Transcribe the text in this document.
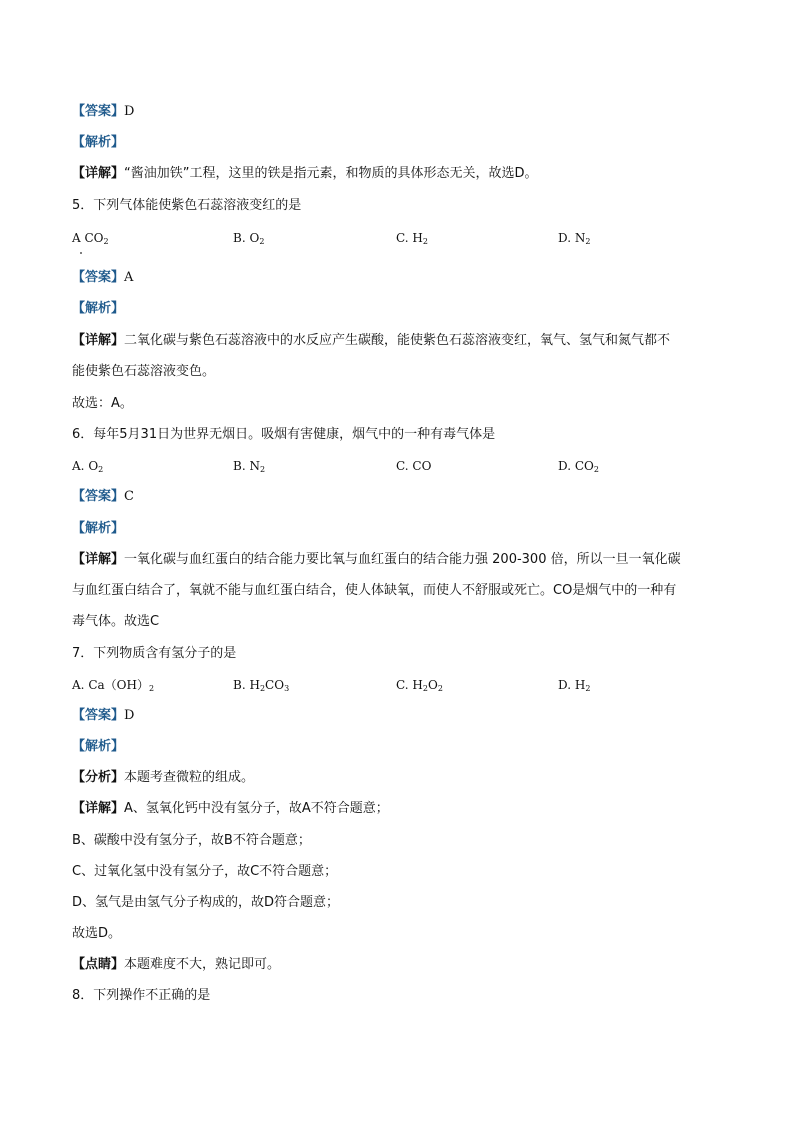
【答案】D
【解析】
【详解】“酱油加铁”工程，这里的铁是指元素，和物质的具体形态无关，故选D。
5．下列气体能使紫色石蕊溶液变红的是
A $CO_2$	B. $O_2$	C. $H_2$	D. $N_2$
【答案】A
【解析】
【详解】二氧化碳与紫色石蕊溶液中的水反应产生碳酸，能使紫色石蕊溶液变红，氧气、氢气和氮气都不
能使紫色石蕊溶液变色。
故选：A。
6．每年5月31日为世界无烟日。吸烟有害健康，烟气中的一种有毒气体是
A. $O_2$	B. $N_2$	C. CO	D. $CO_2$
【答案】C
【解析】
【详解】一氧化碳与血红蛋白的结合能力要比氧与血红蛋白的结合能力强 200-300 倍，所以一旦一氧化碳
与血红蛋白结合了，氧就不能与血红蛋白结合，使人体缺氧，而使人不舒服或死亡。CO是烟气中的一种有
毒气体。故选C
7．下列物质含有氢分子的是
A. $Ca(OH)_2$	B. $H_2CO_3$	C. $H_2O_2$	D. $H_2$
【答案】D
【解析】
【分析】本题考查微粒的组成。
【详解】A、氢氧化钙中没有氢分子，故A不符合题意；
B、碳酸中没有氢分子，故B不符合题意；
C、过氧化氢中没有氢分子，故C不符合题意；
D、氢气是由氢气分子构成的，故D符合题意；
故选D。
【点睛】本题难度不大，熟记即可。
8．下列操作不正确的是
